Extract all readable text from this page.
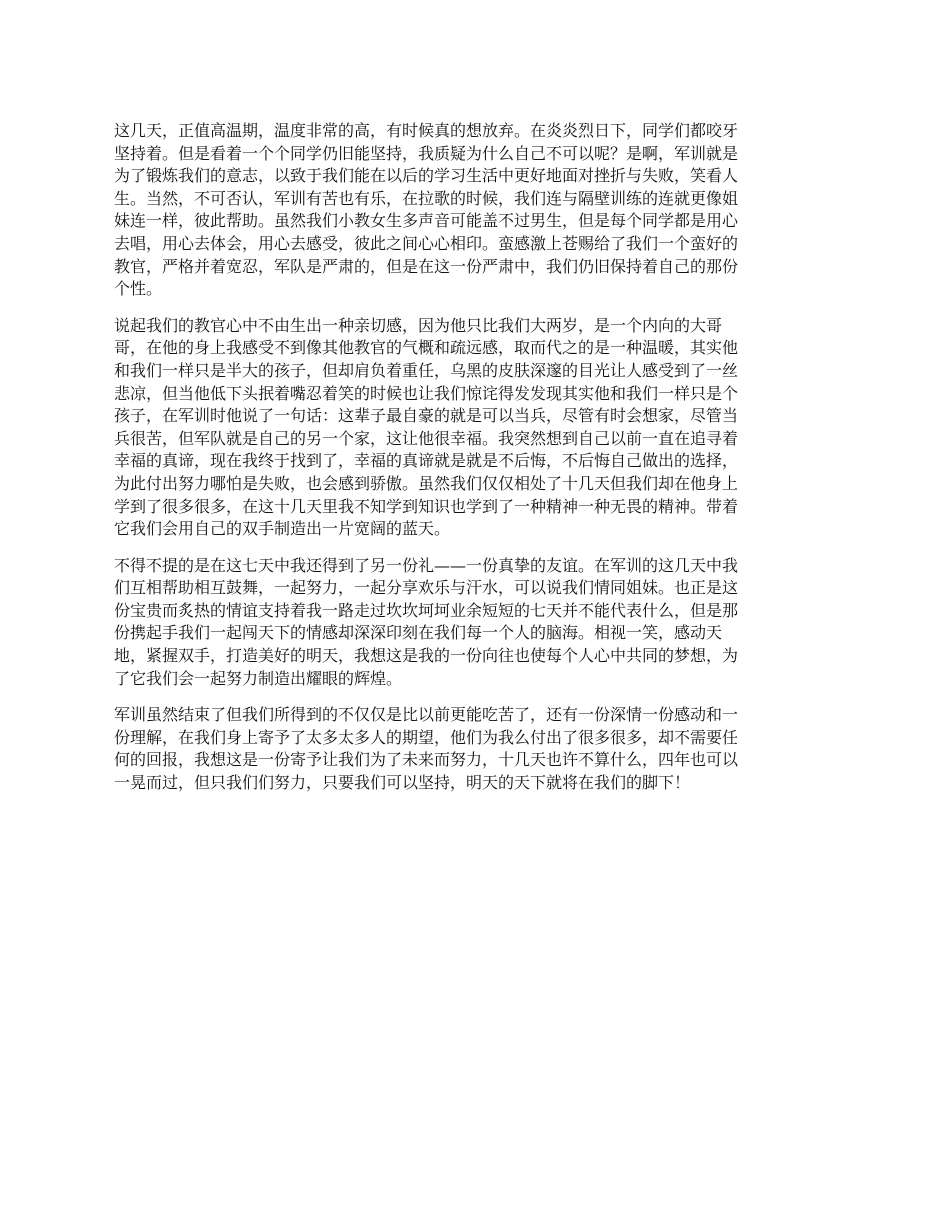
这几天，正值高温期，温度非常的高，有时候真的想放弃。在炎炎烈日下，同学们都咬牙
坚持着。但是看着一个个同学仍旧能坚持，我质疑为什么自己不可以呢？是啊，军训就是
为了锻炼我们的意志，以致于我们能在以后的学习生活中更好地面对挫折与失败，笑看人
生。当然，不可否认，军训有苦也有乐，在拉歌的时候，我们连与隔壁训练的连就更像姐
妹连一样，彼此帮助。虽然我们小教女生多声音可能盖不过男生，但是每个同学都是用心
去唱，用心去体会，用心去感受，彼此之间心心相印。蛮感激上苍赐给了我们一个蛮好的
教官，严格并着宽忍，军队是严肃的，但是在这一份严肃中，我们仍旧保持着自己的那份
个性。
说起我们的教官心中不由生出一种亲切感，因为他只比我们大两岁，是一个内向的大哥
哥，在他的身上我感受不到像其他教官的气概和疏远感，取而代之的是一种温暖，其实他
和我们一样只是半大的孩子，但却肩负着重任，乌黑的皮肤深邃的目光让人感受到了一丝
悲凉，但当他低下头抿着嘴忍着笑的时候也让我们惊诧得发发现其实他和我们一样只是个
孩子，在军训时他说了一句话：这辈子最自豪的就是可以当兵，尽管有时会想家，尽管当
兵很苦，但军队就是自己的另一个家，这让他很幸福。我突然想到自己以前一直在追寻着
幸福的真谛，现在我终于找到了，幸福的真谛就是就是不后悔，不后悔自己做出的选择，
为此付出努力哪怕是失败，也会感到骄傲。虽然我们仅仅相处了十几天但我们却在他身上
学到了很多很多，在这十几天里我不知学到知识也学到了一种精神一种无畏的精神。带着
它我们会用自己的双手制造出一片宽阔的蓝天。
不得不提的是在这七天中我还得到了另一份礼——一份真挚的友谊。在军训的这几天中我
们互相帮助相互鼓舞，一起努力，一起分享欢乐与汗水，可以说我们情同姐妹。也正是这
份宝贵而炙热的情谊支持着我一路走过坎坎坷坷业余短短的七天并不能代表什么，但是那
份携起手我们一起闯天下的情感却深深印刻在我们每一个人的脑海。相视一笑，感动天
地，紧握双手，打造美好的明天，我想这是我的一份向往也使每个人心中共同的梦想，为
了它我们会一起努力制造出耀眼的辉煌。
军训虽然结束了但我们所得到的不仅仅是比以前更能吃苦了，还有一份深情一份感动和一
份理解，在我们身上寄予了太多太多人的期望，他们为我么付出了很多很多，却不需要任
何的回报，我想这是一份寄予让我们为了未来而努力，十几天也许不算什么，四年也可以
一晃而过，但只我们们努力，只要我们可以坚持，明天的天下就将在我们的脚下！
